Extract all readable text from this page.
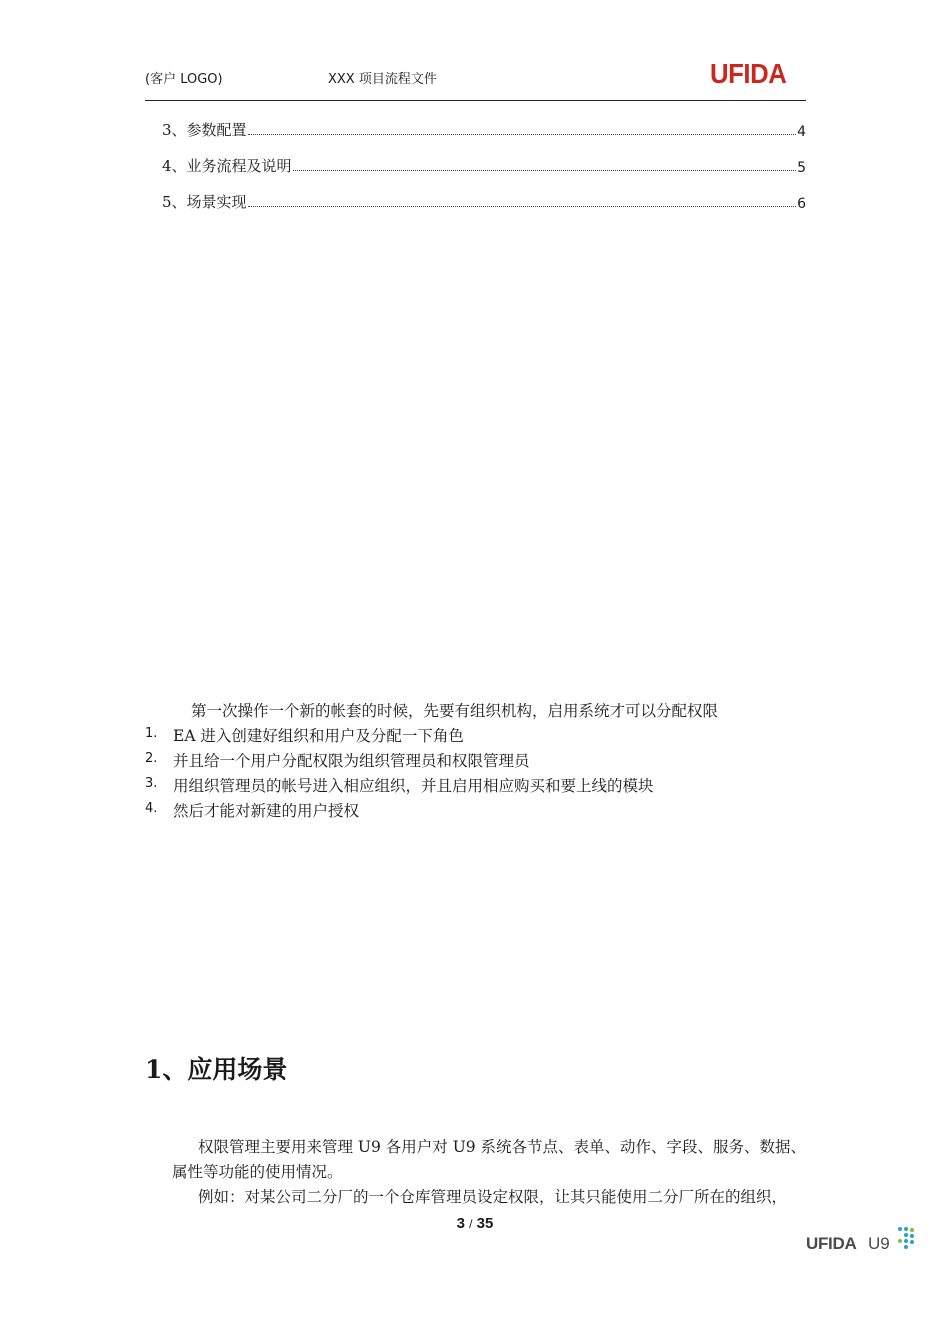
(客户 LOGO)	XXX 项目流程文件	UFIDA
3、参数配置	4
4、业务流程及说明	5
5、场景实现	6
第一次操作一个新的帐套的时候，先要有组织机构，启用系统才可以分配权限
1. EA 进入创建好组织和用户及分配一下角色
2. 并且给一个用户分配权限为组织管理员和权限管理员
3. 用组织管理员的帐号进入相应组织，并且启用相应购买和要上线的模块
4. 然后才能对新建的用户授权
1、应用场景
权限管理主要用来管理 U9 各用户对 U9 系统各节点、表单、动作、字段、服务、数据、
属性等功能的使用情况。
例如：对某公司二分厂的一个仓库管理员设定权限，让其只能使用二分厂所在的组织，
3 / 35
UFIDA U9
